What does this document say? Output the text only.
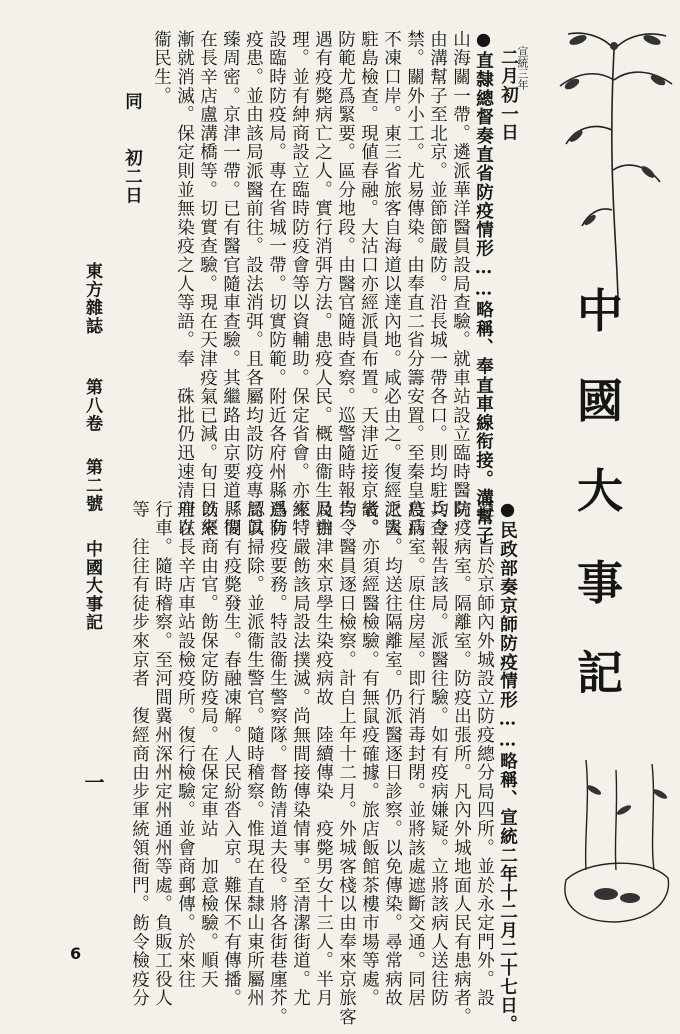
中
國
大
事
記
宣統三年
二月初一日
●直隸總督奏直省防疫情形……略稱、奉直車線衔接。溝幫子
山海關一帶。遴派華洋醫員設局查驗。就車站設立臨時醫院。
由溝幫子至北京。並節節嚴防。沿長城一帶各口。則均駐兵查
禁。關外小工。尤易傳染。由奉直二省分籌安置。至秦皇島爲
不凍口岸。東三省旅客自海道以達內地。咸必由之。復經派醫
駐島檢查。現値春融。大沽口亦經派員布置。天津近接京畿。
防範尤爲緊要。區分地段。由醫官隨時查察。巡警隨時報告。
遇有疫斃病亡之人。實行消弭方法。患疫人民。概由衞生局辦
理。並有紳商設立臨時防疫會等以資輔助。保定省會。亦經特
設臨時防疫局。專在省城一帶。切實防範。附近各府州縣遇有
疫患。並由該局派醫前往。設法消弭。且各屬均設防疫專局以
臻周密。京津一帶。已有醫官隨車查驗。其繼路由京要道。復
在長辛店盧溝橋等。切實查驗。現在天津疫氣已減。旬日以來
漸就消滅。保定則並無染疫之人等語。奉　硃批仍迅速清理以
衞民生。
同　　初二日
東方雜誌
第八卷
第二號
中國大事記
一	●民政部奏京師防疫情形……略稱、宣統二年十二月二十七日。
遵　旨於京師內外城設立防疫總分局四所。並於永定門外。設
防疫病室。隔離室。防疫出張所。凡內外城地面人民有患病者。
均令報告該局。派醫往驗。如有疫病嫌疑。立將該病人送往防
疫病室。原住房屋。即行消毒封閉。並將該處遮斷交通。同居
之人。均送往隔離室。仍派醫逐日診察。以免傳染。尋常病故
者。亦須經醫檢驗。有無鼠疫確據。旅店飯館茶樓市場等處。
均令醫員逐日檢察。計自上年十二月。外城客棧以由奉來京旅客
及由津來京學生染疫病故　陸續傳染　疫斃男女十三人。半月
來。嚴飭該局設法撲滅。尚無間接傳染情事。至清潔街道。尤
爲防疫要務。特設衞生警察隊。督飭清道夫役。將各街巷廛芥。
認眞掃除。並派衞生警官。隨時稽察。惟現在直隸山東所屬州
縣間有疫斃發生。春融凍解。人民紛沓入京。難保不有傳播。
飭經商由官。飭保定防疫局。在保定車站　加意檢驗。順天
府在長辛店車站設檢疫所。復行檢驗。並會商郵傳。於來往
行車。隨時稽察。至河間冀州深州定州通州等處。負販工役人
等　往往有徒步來京者　復經商由步軍統領衙門。飭令檢疫分
6
